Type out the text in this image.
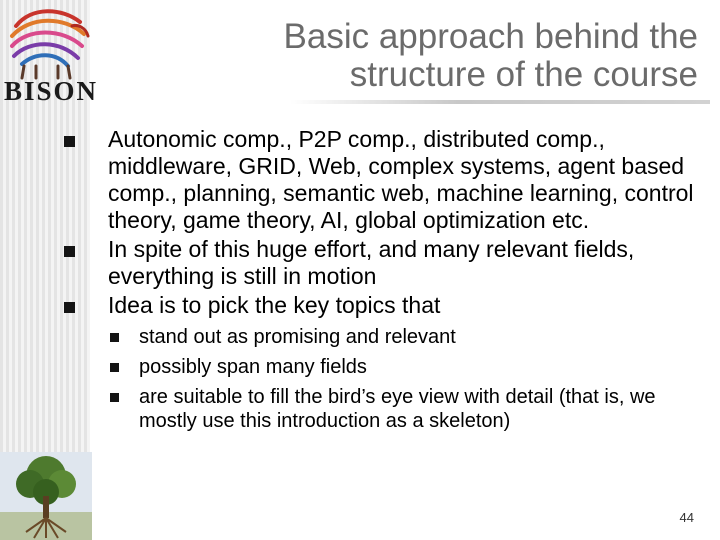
BISON

Basic approach behind the

structure of the course

Autonomic comp., P2P comp., distributed comp., middleware, GRID, Web, complex systems, agent based comp., planning, semantic web, machine learning, control theory, game theory, AI, global optimization etc.
In spite of this huge effort, and many relevant fields, everything is still in motion
Idea is to pick the key topics that
stand out as promising and relevant
possibly span many fields
are suitable to fill the bird’s eye view with detail (that is, we mostly use this introduction as a skeleton)
44
